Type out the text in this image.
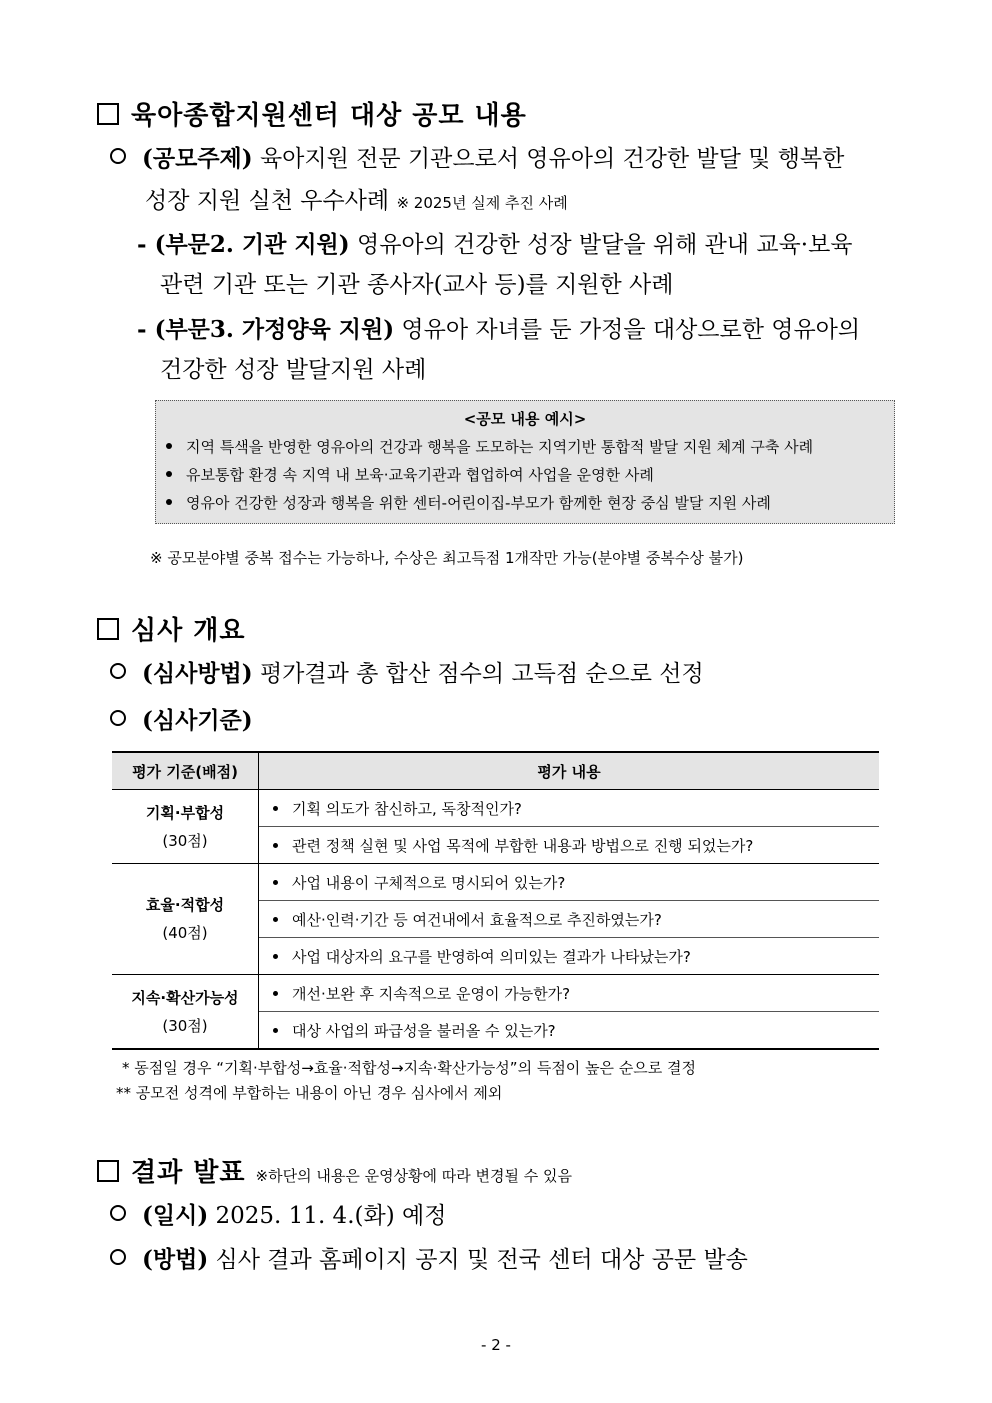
육아종합지원센터 대상 공모 내용
(공모주제) 육아지원 전문 기관으로서 영유아의 건강한 발달 및 행복한
성장 지원 실천 우수사례 ※ 2025년 실제 추진 사례
- (부문2. 기관 지원) 영유아의 건강한 성장 발달을 위해 관내 교육·보육
관련 기관 또는 기관 종사자(교사 등)를 지원한 사례
- (부문3. 가정양육 지원) 영유아 자녀를 둔 가정을 대상으로한 영유아의
건강한 성장 발달지원 사례
<공모 내용 예시>
지역 특색을 반영한 영유아의 건강과 행복을 도모하는 지역기반 통합적 발달 지원 체계 구축 사례
유보통합 환경 속 지역 내 보육·교육기관과 협업하여 사업을 운영한 사례
영유아 건강한 성장과 행복을 위한 센터-어린이집-부모가 함께한 현장 중심 발달 지원 사례
※ 공모분야별 중복 접수는 가능하나, 수상은 최고득점 1개작만 가능(분야별 중복수상 불가)
심사 개요
(심사방법) 평가결과 총 합산 점수의 고득점 순으로 선정
(심사기준)
평가 기준(배점)	평가 내용

기획·부합성
(30점)	기획 의도가 참신하고, 독창적인가?
	관련 정책 실현 및 사업 목적에 부합한 내용과 방법으로 진행 되었는가?

효율·적합성
(40점)	사업 내용이 구체적으로 명시되어 있는가?
	예산·인력·기간 등 여건내에서 효율적으로 추진하였는가?
	사업 대상자의 요구를 반영하여 의미있는 결과가 나타났는가?

지속·확산가능성
(30점)	개선·보완 후 지속적으로 운영이 가능한가?
	대상 사업의 파급성을 불러올 수 있는가?
* 동점일 경우 “기획·부합성→효율·적합성→지속·확산가능성”의 득점이 높은 순으로 결정
** 공모전 성격에 부합하는 내용이 아닌 경우 심사에서 제외
결과 발표 ※하단의 내용은 운영상황에 따라 변경될 수 있음
(일시) 2025. 11. 4.(화) 예정
(방법) 심사 결과 홈페이지 공지 및 전국 센터 대상 공문 발송
- 2 -
